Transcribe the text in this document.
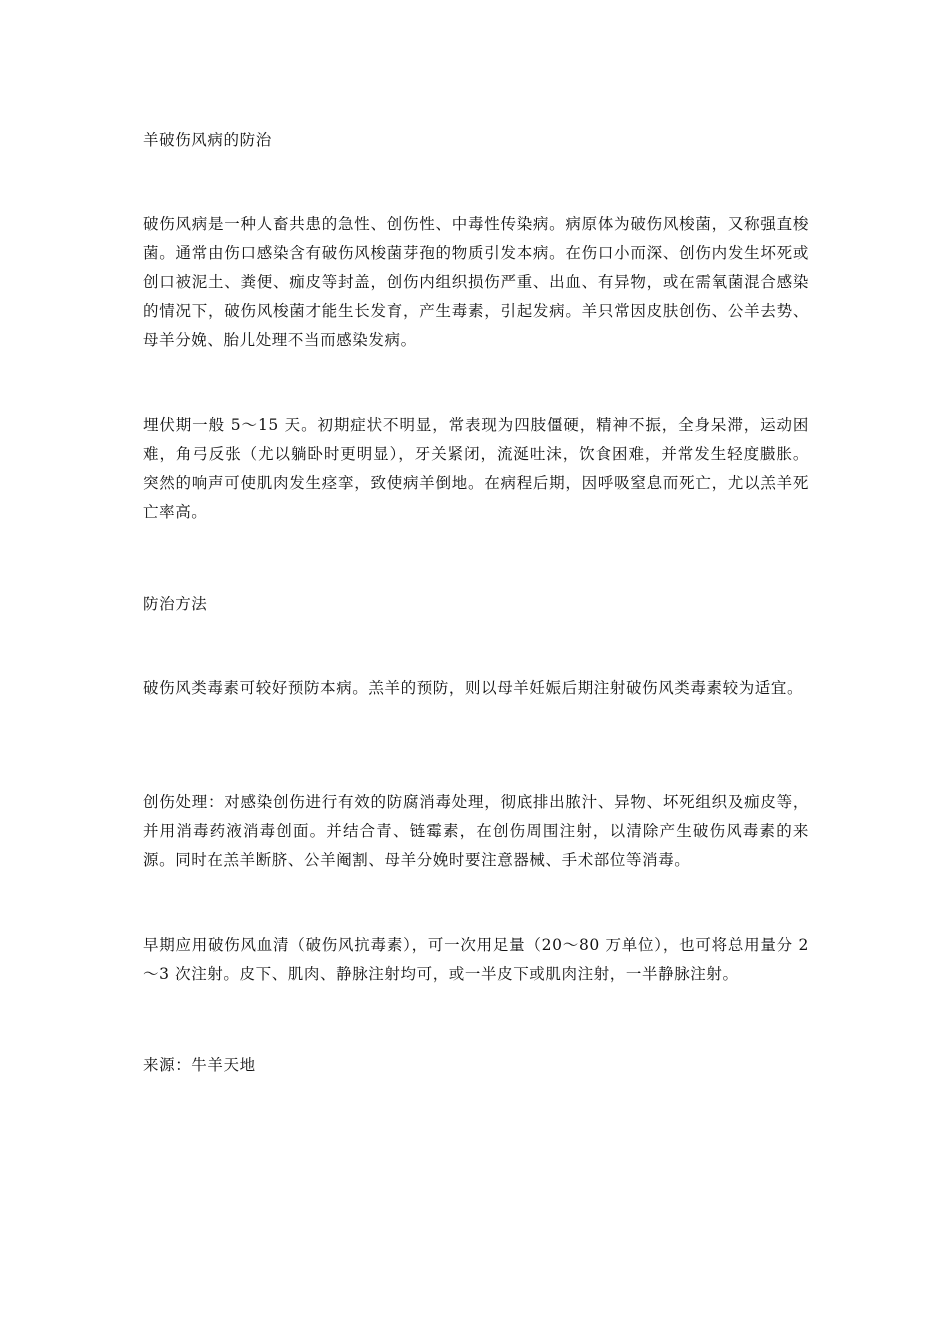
羊破伤风病的防治

破伤风病是一种人畜共患的急性、创伤性、中毒性传染病。病原体为破伤风梭菌，又称强直梭菌。通常由伤口感染含有破伤风梭菌芽孢的物质引发本病。在伤口小而深、创伤内发生坏死或创口被泥土、粪便、痂皮等封盖，创伤内组织损伤严重、出血、有异物，或在需氧菌混合感染的情况下，破伤风梭菌才能生长发育，产生毒素，引起发病。羊只常因皮肤创伤、公羊去势、母羊分娩、胎儿处理不当而感染发病。

埋伏期一般 5～15 天。初期症状不明显，常表现为四肢僵硬，精神不振，全身呆滞，运动困难，角弓反张（尤以躺卧时更明显），牙关紧闭，流涎吐沫，饮食困难，并常发生轻度臌胀。突然的响声可使肌肉发生痉挛，致使病羊倒地。在病程后期，因呼吸窒息而死亡，尤以羔羊死亡率高。

防治方法

破伤风类毒素可较好预防本病。羔羊的预防，则以母羊妊娠后期注射破伤风类毒素较为适宜。

创伤处理：对感染创伤进行有效的防腐消毒处理，彻底排出脓汁、异物、坏死组织及痂皮等，并用消毒药液消毒创面。并结合青、链霉素，在创伤周围注射，以清除产生破伤风毒素的来源。同时在羔羊断脐、公羊阉割、母羊分娩时要注意器械、手术部位等消毒。

早期应用破伤风血清（破伤风抗毒素），可一次用足量（20～80 万单位），也可将总用量分 2～3 次注射。皮下、肌肉、静脉注射均可，或一半皮下或肌肉注射，一半静脉注射。

来源：牛羊天地
